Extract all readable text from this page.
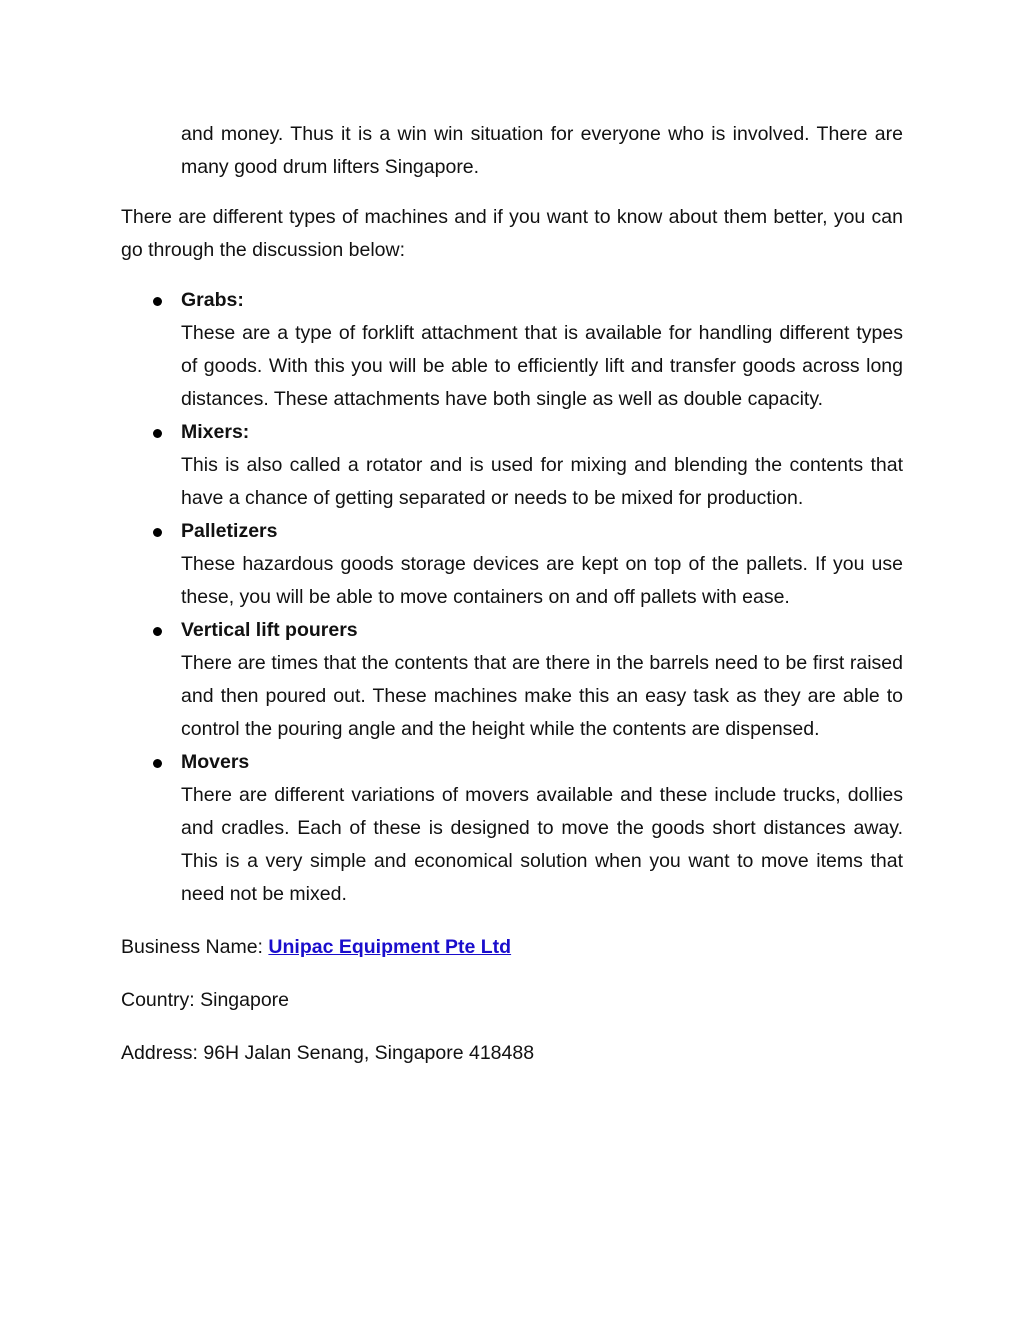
and money. Thus it is a win win situation for everyone who is involved. There are many good drum lifters Singapore.

There are different types of machines and if you want to know about them better, you can go through the discussion below:

Grabs:

These are a type of forklift attachment that is available for handling different types of goods. With this you will be able to efficiently lift and transfer goods across long distances. These attachments have both single as well as double capacity.

Mixers:

This is also called a rotator and is used for mixing and blending the contents that have a chance of getting separated or needs to be mixed for production.

Palletizers

These hazardous goods storage devices are kept on top of the pallets. If you use these, you will be able to move containers on and off pallets with ease.

Vertical lift pourers

There are times that the contents that are there in the barrels need to be first raised and then poured out. These machines make this an easy task as they are able to control the pouring angle and the height while the contents are dispensed.

Movers

There are different variations of movers available and these include trucks, dollies and cradles. Each of these is designed to move the goods short distances away. This is a very simple and economical solution when you want to move items that need not be mixed.

Business Name: Unipac Equipment Pte Ltd

Country: Singapore

Address: 96H Jalan Senang, Singapore 418488
